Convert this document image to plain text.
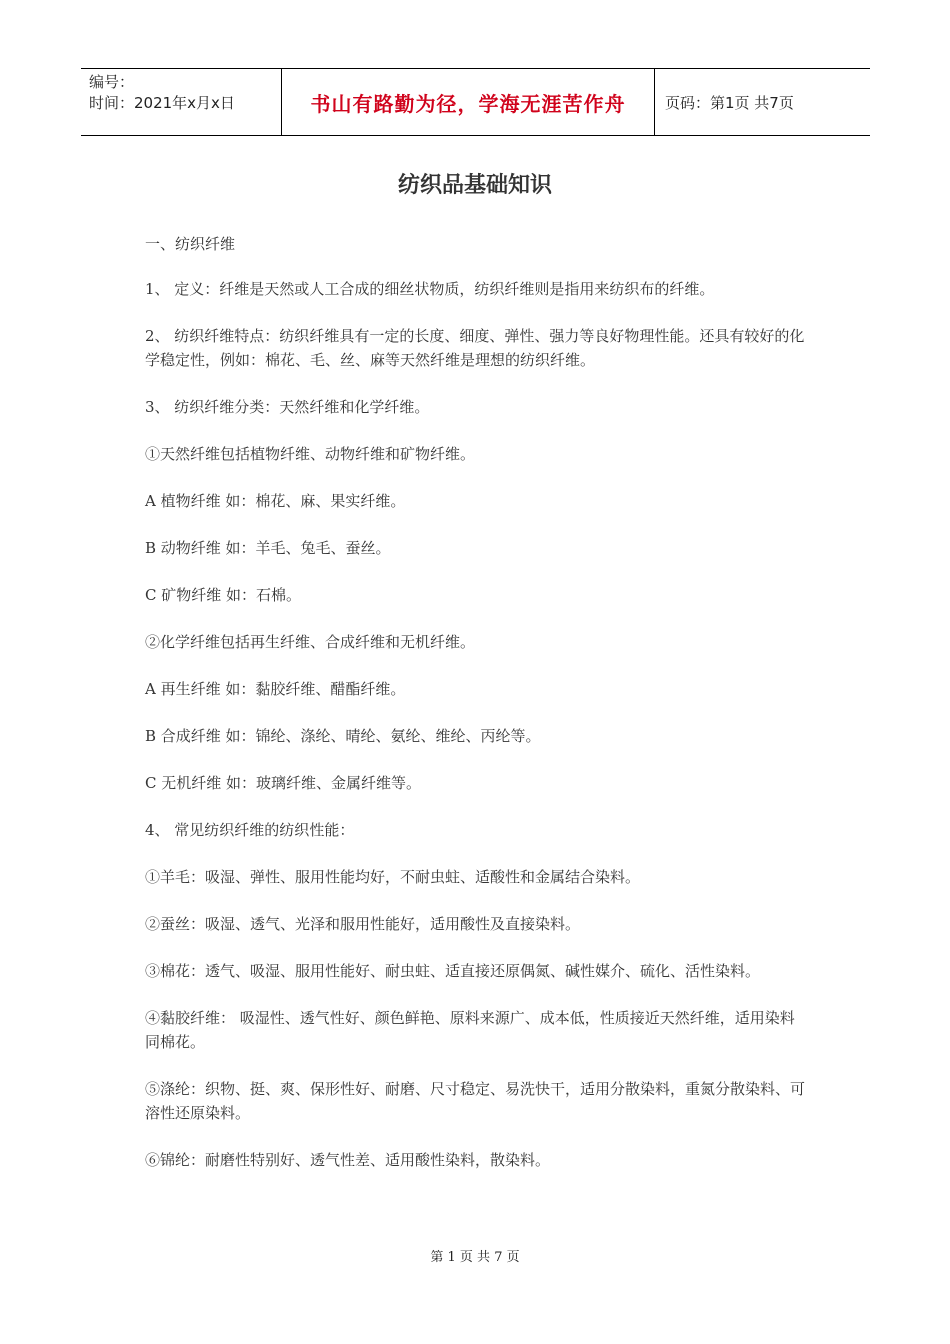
编号：
时间：2021年x月x日	书山有路勤为径，学海无涯苦作舟	页码：第1页 共7页
纺织品基础知识

一、纺织纤维

1、 定义：纤维是天然或人工合成的细丝状物质，纺织纤维则是指用来纺织布的纤维。

2、 纺织纤维特点：纺织纤维具有一定的长度、细度、弹性、强力等良好物理性能。还具有较好的化学稳定性，例如：棉花、毛、丝、麻等天然纤维是理想的纺织纤维。

3、 纺织纤维分类：天然纤维和化学纤维。

①天然纤维包括植物纤维、动物纤维和矿物纤维。

A 植物纤维 如：棉花、麻、果实纤维。

B 动物纤维 如：羊毛、兔毛、蚕丝。

C 矿物纤维 如：石棉。

②化学纤维包括再生纤维、合成纤维和无机纤维。

A 再生纤维 如：黏胶纤维、醋酯纤维。

B 合成纤维 如：锦纶、涤纶、晴纶、氨纶、维纶、丙纶等。

C 无机纤维 如：玻璃纤维、金属纤维等。

4、 常见纺织纤维的纺织性能：

①羊毛：吸湿、弹性、服用性能均好，不耐虫蛀、适酸性和金属结合染料。

②蚕丝：吸湿、透气、光泽和服用性能好，适用酸性及直接染料。

③棉花：透气、吸湿、服用性能好、耐虫蛀、适直接还原偶氮、碱性媒介、硫化、活性染料。

④黏胶纤维： 吸湿性、透气性好、颜色鲜艳、原料来源广、成本低，性质接近天然纤维，适用染料同棉花。

⑤涤纶：织物、挺、爽、保形性好、耐磨、尺寸稳定、易洗快干，适用分散染料，重氮分散染料、可溶性还原染料。

⑥锦纶：耐磨性特别好、透气性差、适用酸性染料，散染料。

第 1 页 共 7 页
